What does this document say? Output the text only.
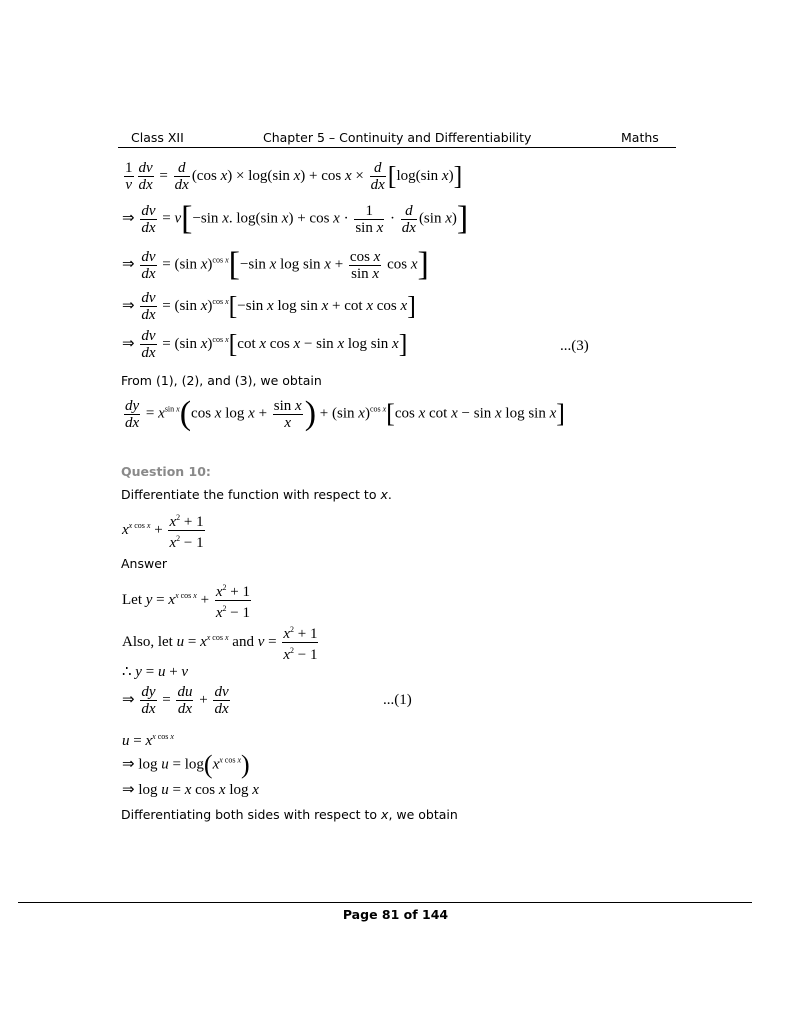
Class XII	Chapter 5 – Continuity and Differentiability	Maths
$\frac{1}{v} \frac{dv}{dx} = \frac{d}{dx} (\cos$ x) × log(sin $x) + \cos x \times \frac{d}{dx} [\log(\sin$ x)]
⇒ $\frac{dv}{dx} = v[-\sin$ x. log(sin $x) + \cos x \cdot \frac{1}{\text{sin x}} \cdot \frac{d}{dx} (\sin$ x)]
⇒ $\frac{dv}{dx} = (\sin$ x)$^{cos x}$[−sin x $\log \sin x + \frac{\text{cos x}}{\text{sin x}}$ cos x]
⇒ $\frac{dv}{dx} = (\sin$ x)$^{cos x}$[−sin x log sin x + cot x cos x]
⇒ $\frac{dv}{dx} = (\sin$ x)$^{cos x}$[cot x cos x − sin x log sin x]	...(3)
From (1), (2), and (3), we obtain
$\frac{dy}{dx} = x^{sin x}(\cos$ x $\log x + \frac{\text{sin x}}{x}$ ) + (sin x)$^{cos x}$[cos x cot x − sin x log sin x]
Question 10:
Differentiate the function with respect to x.
$x^{x cos x} + \frac{x^2 + 1}{x^2 - 1}$
Answer
Let $y = x^{x cos x} + \frac{x^2 + 1}{x^2 - 1}$
Also, let $u = x^{x cos x}$ and $v = \frac{x^2 + 1}{x^2 - 1}$
∴ y = u + v
⇒ $\frac{dy}{dx} = \frac{du}{dx} + \frac{dv}{dx}$	...(1)
$u = x^{x cos x}$
⇒ $\log u = \log(x^{x cos x})$
⇒ log u = x cos x log x
Differentiating both sides with respect to x, we obtain
Page 81 of 144
